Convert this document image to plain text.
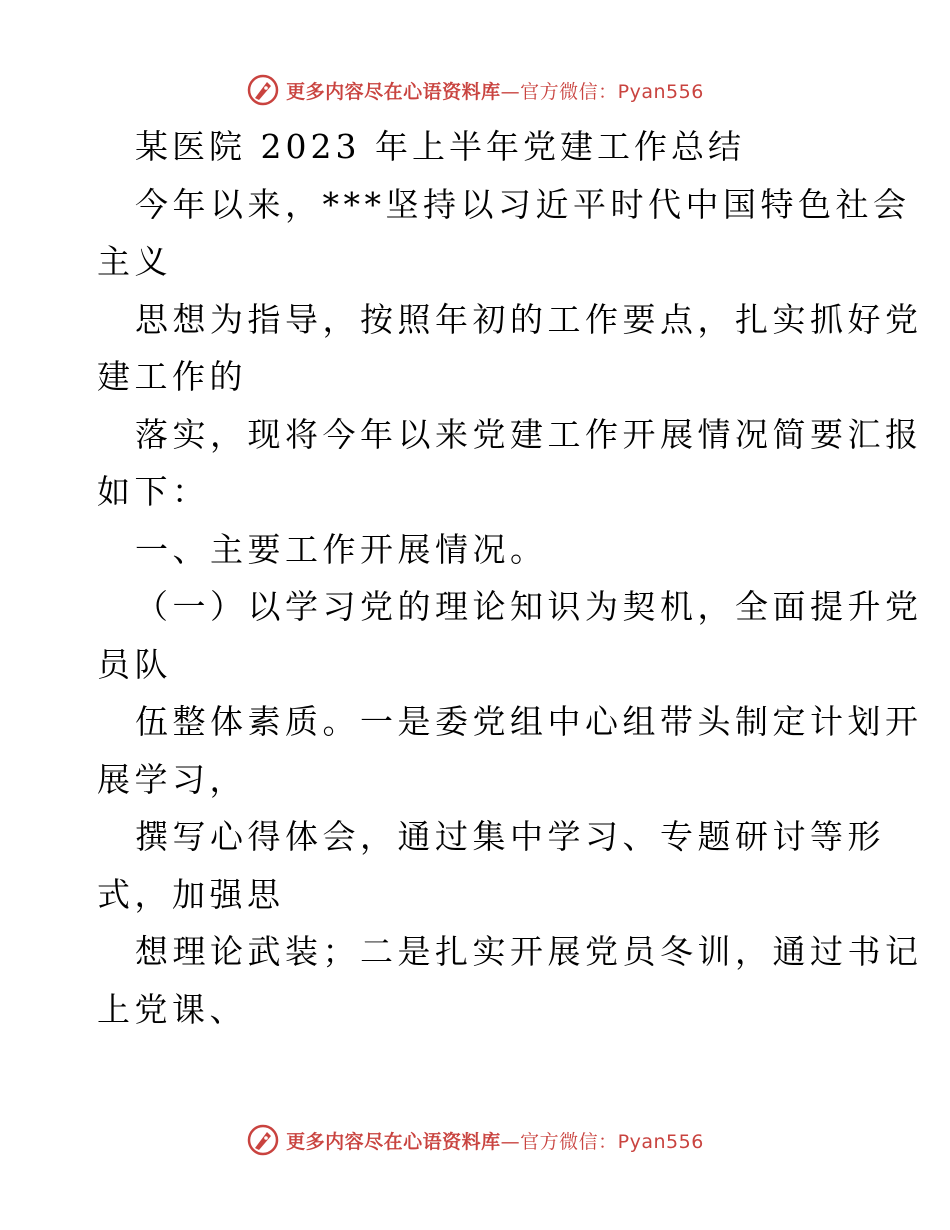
更多内容尽在心语资料库—官方微信：Pyan556
某医院 2023 年上半年党建工作总结
今年以来，***坚持以习近平时代中国特色社会
主义
思想为指导，按照年初的工作要点，扎实抓好党
建工作的
落实，现将今年以来党建工作开展情况简要汇报
如下：
一、主要工作开展情况。
（一）以学习党的理论知识为契机，全面提升党
员队
伍整体素质。一是委党组中心组带头制定计划开
展学习，
撰写心得体会，通过集中学习、专题研讨等形
式，加强思
想理论武装；二是扎实开展党员冬训，通过书记
上党课、
更多内容尽在心语资料库—官方微信：Pyan556
